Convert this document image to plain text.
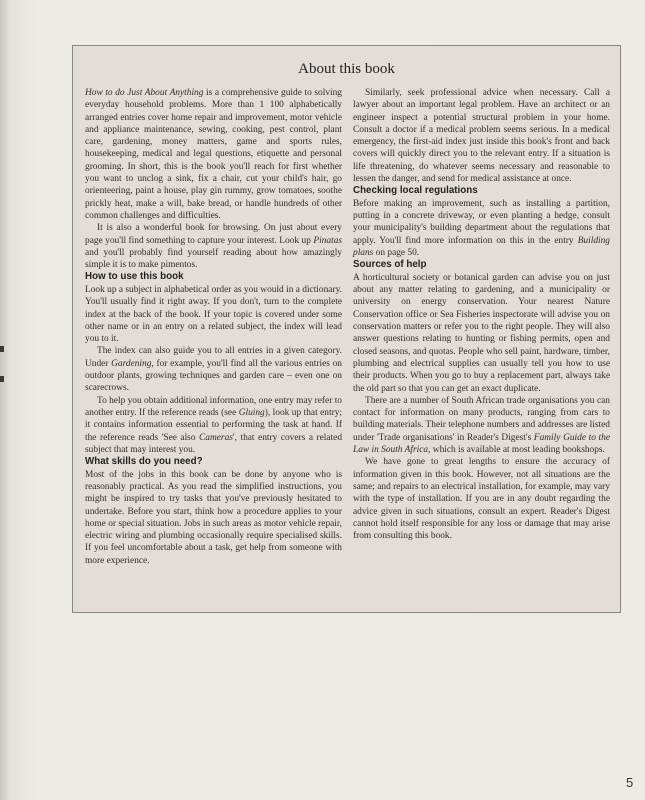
About this book

How to do Just About Anything is a comprehensive guide to solving everyday household problems. More than 1 100 alphabetically arranged entries cover home repair and improvement, motor vehicle and appliance maintenance, sewing, cooking, pest control, plant care, gardening, money matters, game and sports rules, housekeeping, medical and legal questions, etiquette and personal grooming. In short, this is the book you'll reach for first whether you want to unclog a sink, fix a chair, cut your child's hair, go orienteering, paint a house, play gin rummy, grow tomatoes, soothe prickly heat, make a will, bake bread, or handle hundreds of other common challenges and difficulties.

It is also a wonderful book for browsing. On just about every page you'll find something to capture your interest. Look up Pinatas and you'll probably find yourself reading about how amazingly simple it is to make pimentos.

How to use this book

Look up a subject in alphabetical order as you would in a dictionary. You'll usually find it right away. If you don't, turn to the complete index at the back of the book. If your topic is covered under some other name or in an entry on a related subject, the index will lead you to it.

The index can also guide you to all entries in a given category. Under Gardening, for example, you'll find all the various entries on outdoor plants, growing techniques and garden care – even one on scarecrows.

To help you obtain additional information, one entry may refer to another entry. If the reference reads (see Gluing), look up that entry; it contains information essential to performing the task at hand. If the reference reads 'See also Cameras', that entry covers a related subject that may interest you.

What skills do you need?

Most of the jobs in this book can be done by anyone who is reasonably practical. As you read the simplified instructions, you might be inspired to try tasks that you've previously hesitated to undertake. Before you start, think how a procedure applies to your home or special situation. Jobs in such areas as motor vehicle repair, electric wiring and plumbing occasionally require specialised skills. If you feel uncomfortable about a task, get help from someone with more experience.

Similarly, seek professional advice when necessary. Call a lawyer about an important legal problem. Have an architect or an engineer inspect a potential structural problem in your home. Consult a doctor if a medical problem seems serious. In a medical emergency, the first-aid index just inside this book's front and back covers will quickly direct you to the relevant entry. If a situation is life threatening, do whatever seems necessary and reasonable to lessen the danger, and send for medical assistance at once.

Checking local regulations

Before making an improvement, such as installing a partition, putting in a concrete driveway, or even planting a hedge, consult your municipality's building department about the regulations that apply. You'll find more information on this in the entry Building plans on page 50.

Sources of help

A horticultural society or botanical garden can advise you on just about any matter relating to gardening, and a municipality or university on energy conservation. Your nearest Nature Conservation office or Sea Fisheries inspectorate will advise you on conservation matters or refer you to the right people. They will also answer questions relating to hunting or fishing permits, open and closed seasons, and quotas. People who sell paint, hardware, timber, plumbing and electrical supplies can usually tell you how to use their products. When you go to buy a replacement part, always take the old part so that you can get an exact duplicate.

There are a number of South African trade organisations you can contact for information on many products, ranging from cars to building materials. Their telephone numbers and addresses are listed under 'Trade organisations' in Reader's Digest's Family Guide to the Law in South Africa, which is available at most leading bookshops.

We have gone to great lengths to ensure the accuracy of information given in this book. However, not all situations are the same; and repairs to an electrical installation, for example, may vary with the type of installation. If you are in any doubt regarding the advice given in such situations, consult an expert. Reader's Digest cannot hold itself responsible for any loss or damage that may arise from consulting this book.

5
